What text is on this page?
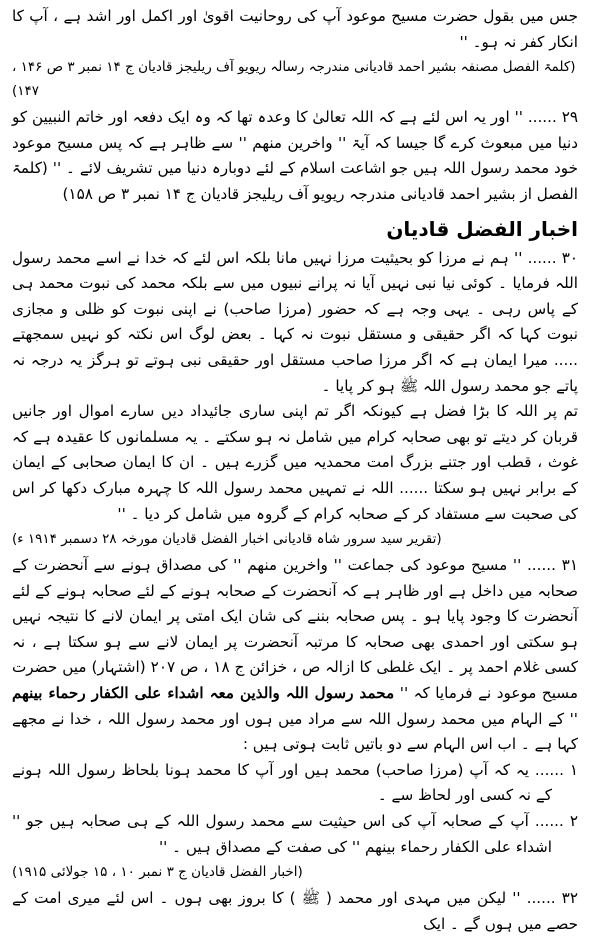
جس میں بقول حضرت مسیح موعود آپ کی روحانیت اقویٰ اور اکمل اور اشد ہے ، آپ کا انکار کفر نہ ہو۔ ''

(کلمۃ الفصل مصنفہ بشیر احمد قادیانی مندرجہ رسالہ ریویو آف ریلیجز قادیان ج ۱۴ نمبر ۳ ص ۱۴۶ ، ۱۴۷)

۲۹ ...... '' اور یہ اس لئے ہے کہ اللہ تعالیٰ کا وعدہ تھا کہ وہ ایک دفعہ اور خاتم النبیین کو دنیا میں مبعوث کرے گا جیسا کہ آیۃ '' واخرین منھم '' سے ظاہر ہے کہ پس مسیح موعود خود محمد رسول اللہ ہیں جو اشاعت اسلام کے لئے دوبارہ دنیا میں تشریف لائے ۔ '' (کلمۃ الفصل از بشیر احمد قادیانی مندرجہ ریویو آف ریلیجز قادیان ج ۱۴ نمبر ۳ ص ۱۵۸)

اخبار الفضل قادیان

۳۰ ...... '' ہم نے مرزا کو بحیثیت مرزا نہیں مانا بلکہ اس لئے کہ خدا نے اسے محمد رسول اللہ فرمایا ۔ کوئی نیا نبی نہیں آیا نہ پرانے نبیوں میں سے بلکہ محمد کی نبوت محمد ہی کے پاس رہی ۔ یہی وجہ ہے کہ حضور (مرزا صاحب) نے اپنی نبوت کو ظلی و مجازی نبوت کہا کہ اگر حقیقی و مستقل نبوت نہ کہا ۔ بعض لوگ اس نکتہ کو نہیں سمجھتے ..... میرا ایمان ہے کہ اگر مرزا صاحب مستقل اور حقیقی نبی ہوتے تو ہرگز یہ درجہ نہ پاتے جو محمد رسول اللہ ﷺ ہو کر پایا ۔

تم پر اللہ کا بڑا فضل ہے کیونکہ اگر تم اپنی ساری جائیداد دیں سارے اموال اور جانیں قربان کر دیتے تو بھی صحابہ کرام میں شامل نہ ہو سکتے ۔ یہ مسلمانوں کا عقیدہ ہے کہ غوث ، قطب اور جتنے بزرگ امت محمدیہ میں گزرے ہیں ۔ ان کا ایمان صحابی کے ایمان کے برابر نہیں ہو سکتا ...... اللہ نے تمہیں محمد رسول اللہ کا چہرہ مبارک دکھا کر اس کی صحبت سے مستفاد کر کے صحابہ کرام کے گروہ میں شامل کر دیا ۔ ''

(تقریر سید سرور شاہ قادیانی اخبار الفضل قادیان مورخہ ۲۸ دسمبر ۱۹۱۴ ء)

۳۱ ...... '' مسیح موعود کی جماعت '' واخرین منھم '' کی مصداق ہونے سے آنحضرت کے صحابہ میں داخل ہے اور ظاہر ہے کہ آنحضرت کے صحابہ ہونے کے لئے صحابہ ہونے کے لئے آنحضرت کا وجود پایا ہو ۔ پس صحابہ بننے کی شان ایک امتی پر ایمان لانے کا نتیجہ نہیں ہو سکتی اور احمدی بھی صحابہ کا مرتبہ آنحضرت پر ایمان لانے سے ہو سکتا ہے ، نہ کسی غلام احمد پر ۔ ایک غلطی کا ازالہ ص ، خزائن ج ۱۸ ، ص ۲۰۷ (اشتہار) میں حضرت مسیح موعود نے فرمایا کہ '' محمد رسول اللہ والذین معہ اشداء علی الکفار رحماء بینھم '' کے الہام میں محمد رسول اللہ سے مراد میں ہوں اور محمد رسول اللہ ، خدا نے مجھے کہا ہے ۔ اب اس الہام سے دو باتیں ثابت ہوتی ہیں :

۱ ...... یہ کہ آپ (مرزا صاحب) محمد ہیں اور آپ کا محمد ہونا بلحاظ رسول اللہ ہونے کے نہ کسی اور لحاظ سے ۔

۲ ...... آپ کے صحابہ آپ کی اس حیثیت سے محمد رسول اللہ کے ہی صحابہ ہیں جو '' اشداء علی الکفار رحماء بینھم '' کی صفت کے مصداق ہیں ۔ ''

(اخبار الفضل قادیان ج ۳ نمبر ۱۰ ، ۱۵ جولائی ۱۹۱۵)

۳۲ ...... '' لیکن میں مہدی اور محمد ( ﷺ ) کا بروز بھی ہوں ۔ اس لئے میری امت کے حصے میں ہوں گے ۔ ایک
